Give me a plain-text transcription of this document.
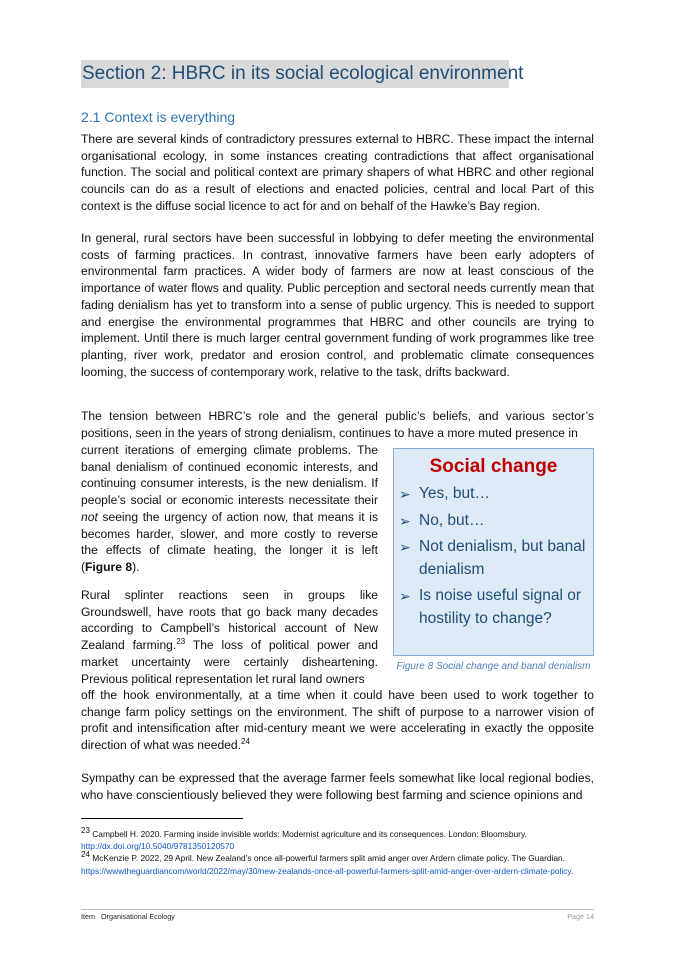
Section 2: HBRC in its social ecological environment
2.1 Context is everything

There are several kinds of contradictory pressures external to HBRC. These impact the internal organisational ecology, in some instances creating contradictions that affect organisational function. The social and political context are primary shapers of what HBRC and other regional councils can do as a result of elections and enacted policies, central and local Part of this context is the diffuse social licence to act for and on behalf of the Hawke’s Bay region.

In general, rural sectors have been successful in lobbying to defer meeting the environmental costs of farming practices. In contrast, innovative farmers have been early adopters of environmental farm practices. A wider body of farmers are now at least conscious of the importance of water flows and quality. Public perception and sectoral needs currently mean that fading denialism has yet to transform into a sense of public urgency. This is needed to support and energise the environmental programmes that HBRC and other councils are trying to implement. Until there is much larger central government funding of work programmes like tree planting, river work, predator and erosion control, and problematic climate consequences looming, the success of contemporary work, relative to the task, drifts backward.

The tension between HBRC’s role and the general public’s beliefs, and various sector’s positions, seen in the years of strong denialism, continues to have a more muted presence in

current iterations of emerging climate problems. The banal denialism of continued economic interests, and continuing consumer interests, is the new denialism. If people’s social or economic interests necessitate their not seeing the urgency of action now, that means it is becomes harder, slower, and more costly to reverse the effects of climate heating, the longer it is left (Figure 8).

Rural splinter reactions seen in groups like Groundswell, have roots that go back many decades according to Campbell’s historical account of New Zealand farming.$^{23}$ The loss of political power and market uncertainty were certainly disheartening. Previous political representation let rural land owners

off the hook environmentally, at a time when it could have been used to work together to change farm policy settings on the environment. The shift of purpose to a narrower vision of profit and intensification after mid-century meant we were accelerating in exactly the opposite direction of what was needed.$^{24}$

Sympathy can be expressed that the average farmer feels somewhat like local regional bodies, who have conscientiously believed they were following best farming and science opinions and

Social change
➢ Yes, but…
➢ No, but…
➢ Not denialism, but banal denialism
➢ Is noise useful signal or hostility to change?
Figure 8 Social change and banal denialism
$^{23}$ Campbell H. 2020. Farming inside invisible worlds: Modernist agriculture and its consequences. London: Bloomsbury.
http://dx.doi.org/10.5040/9781350120570
$^{24}$ McKenzie P. 2022, 29 April. New Zealand’s once all-powerful farmers split amid anger over Ardern climate policy. The Guardian. https://wwwtheguardiancom/world/2022/may/30/new-zealands-once-all-powerful-farmers-split-amid-anger-over-ardern-climate-policy.
Item   Organisational Ecology	Page 14
